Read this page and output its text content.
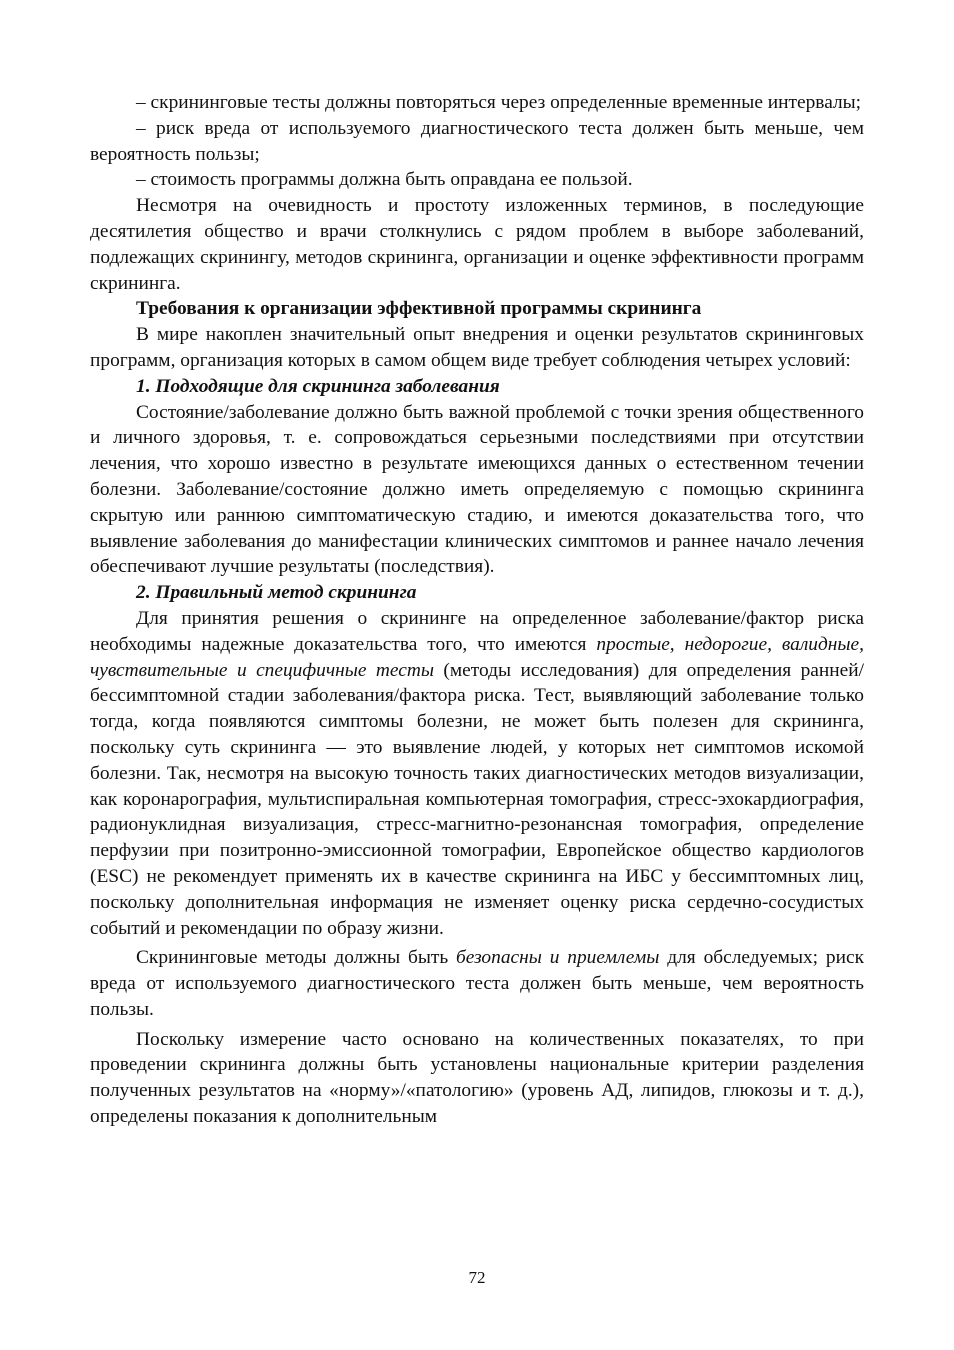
– скрининговые тесты должны повторяться через определенные временные интервалы;

– риск вреда от используемого диагностического теста должен быть меньше, чем вероятность пользы;

– стоимость программы должна быть оправдана ее пользой.

Несмотря на очевидность и простоту изложенных терминов, в последующие десятилетия общество и врачи столкнулись с рядом проблем в выборе заболеваний, подлежащих скринингу, методов скрининга, организации и оценке эффективности программ скрининга.

Требования к организации эффективной программы скрининга

В мире накоплен значительный опыт внедрения и оценки результатов скрининговых программ, организация которых в самом общем виде требует соблюдения четырех условий:

1. Подходящие для скрининга заболевания

Состояние/заболевание должно быть важной проблемой с точки зрения общественного и личного здоровья, т. е. сопровождаться серьезными последствиями при отсутствии лечения, что хорошо известно в результате имеющихся данных о естественном течении болезни. Заболевание/состояние должно иметь определяемую с помощью скрининга скрытую или раннюю симптоматическую стадию, и имеются доказательства того, что выявление заболевания до манифестации клинических симптомов и раннее начало лечения обеспечивают лучшие результаты (последствия).

2. Правильный метод скрининга

Для принятия решения о скрининге на определенное заболевание/фактор риска необходимы надежные доказательства того, что имеются простые, недорогие, валидные, чувствительные и специфичные тесты (методы исследования) для определения ранней/бессимптомной стадии заболевания/фактора риска. Тест, выявляющий заболевание только тогда, когда появляются симптомы болезни, не может быть полезен для скрининга, поскольку суть скрининга — это выявление людей, у которых нет симптомов искомой болезни. Так, несмотря на высокую точность таких диагностических методов визуализации, как коронарография, мультиспиральная компьютерная томография, стресс-эхокардиография, радионуклидная визуализация, стресс-магнитно-резонансная томография, определение перфузии при позитронно-эмиссионной томографии, Европейское общество кардиологов (ESC) не рекомендует применять их в качестве скрининга на ИБС у бессимптомных лиц, поскольку дополнительная информация не изменяет оценку риска сердечно-сосудистых событий и рекомендации по образу жизни.

Скрининговые методы должны быть безопасны и приемлемы для обследуемых; риск вреда от используемого диагностического теста должен быть меньше, чем вероятность пользы.

Поскольку измерение часто основано на количественных показателях, то при проведении скрининга должны быть установлены национальные критерии разделения полученных результатов на «норму»/«патологию» (уровень АД, липидов, глюкозы и т. д.), определены показания к дополнительным

72
